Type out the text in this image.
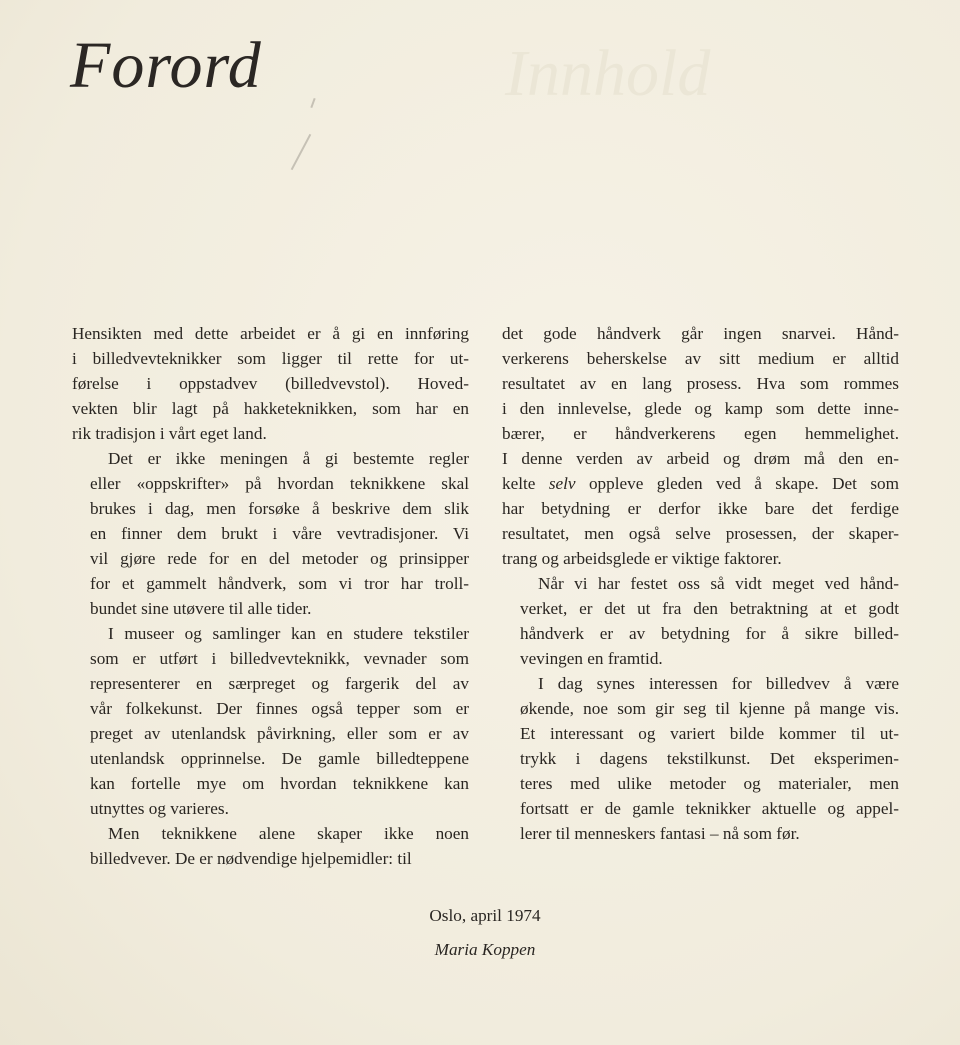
Innhold
Forord

Hensikten med dette arbeidet er å gi en innføring
i billedvevteknikker som ligger til rette for ut-
førelse i oppstadvev (billedvevstol). Hoved-
vekten blir lagt på hakketeknikken, som har en
rik tradisjon i vårt eget land.

Det er ikke meningen å gi bestemte regler
eller «oppskrifter» på hvordan teknikkene skal
brukes i dag, men forsøke å beskrive dem slik
en finner dem brukt i våre vevtradisjoner. Vi
vil gjøre rede for en del metoder og prinsipper
for et gammelt håndverk, som vi tror har troll-
bundet sine utøvere til alle tider.

I museer og samlinger kan en studere tekstiler
som er utført i billedvevteknikk, vevnader som
representerer en særpreget og fargerik del av
vår folkekunst. Der finnes også tepper som er
preget av utenlandsk påvirkning, eller som er av
utenlandsk opprinnelse. De gamle billedteppene
kan fortelle mye om hvordan teknikkene kan
utnyttes og varieres.

Men teknikkene alene skaper ikke noen
billedvever. De er nødvendige hjelpemidler: til

det gode håndverk går ingen snarvei. Hånd-
verkerens beherskelse av sitt medium er alltid
resultatet av en lang prosess. Hva som rommes
i den innlevelse, glede og kamp som dette inne-
bærer, er håndverkerens egen hemmelighet.
I denne verden av arbeid og drøm må den en-
kelte selv oppleve gleden ved å skape. Det som
har betydning er derfor ikke bare det ferdige
resultatet, men også selve prosessen, der skaper-
trang og arbeidsglede er viktige faktorer.

Når vi har festet oss så vidt meget ved hånd-
verket, er det ut fra den betraktning at et godt
håndverk er av betydning for å sikre billed-
vevingen en framtid.

I dag synes interessen for billedvev å være
økende, noe som gir seg til kjenne på mange vis.
Et interessant og variert bilde kommer til ut-
trykk i dagens tekstilkunst. Det eksperimen-
teres med ulike metoder og materialer, men
fortsatt er de gamle teknikker aktuelle og appel-
lerer til menneskers fantasi – nå som før.

Oslo, april 1974
Maria Koppen
